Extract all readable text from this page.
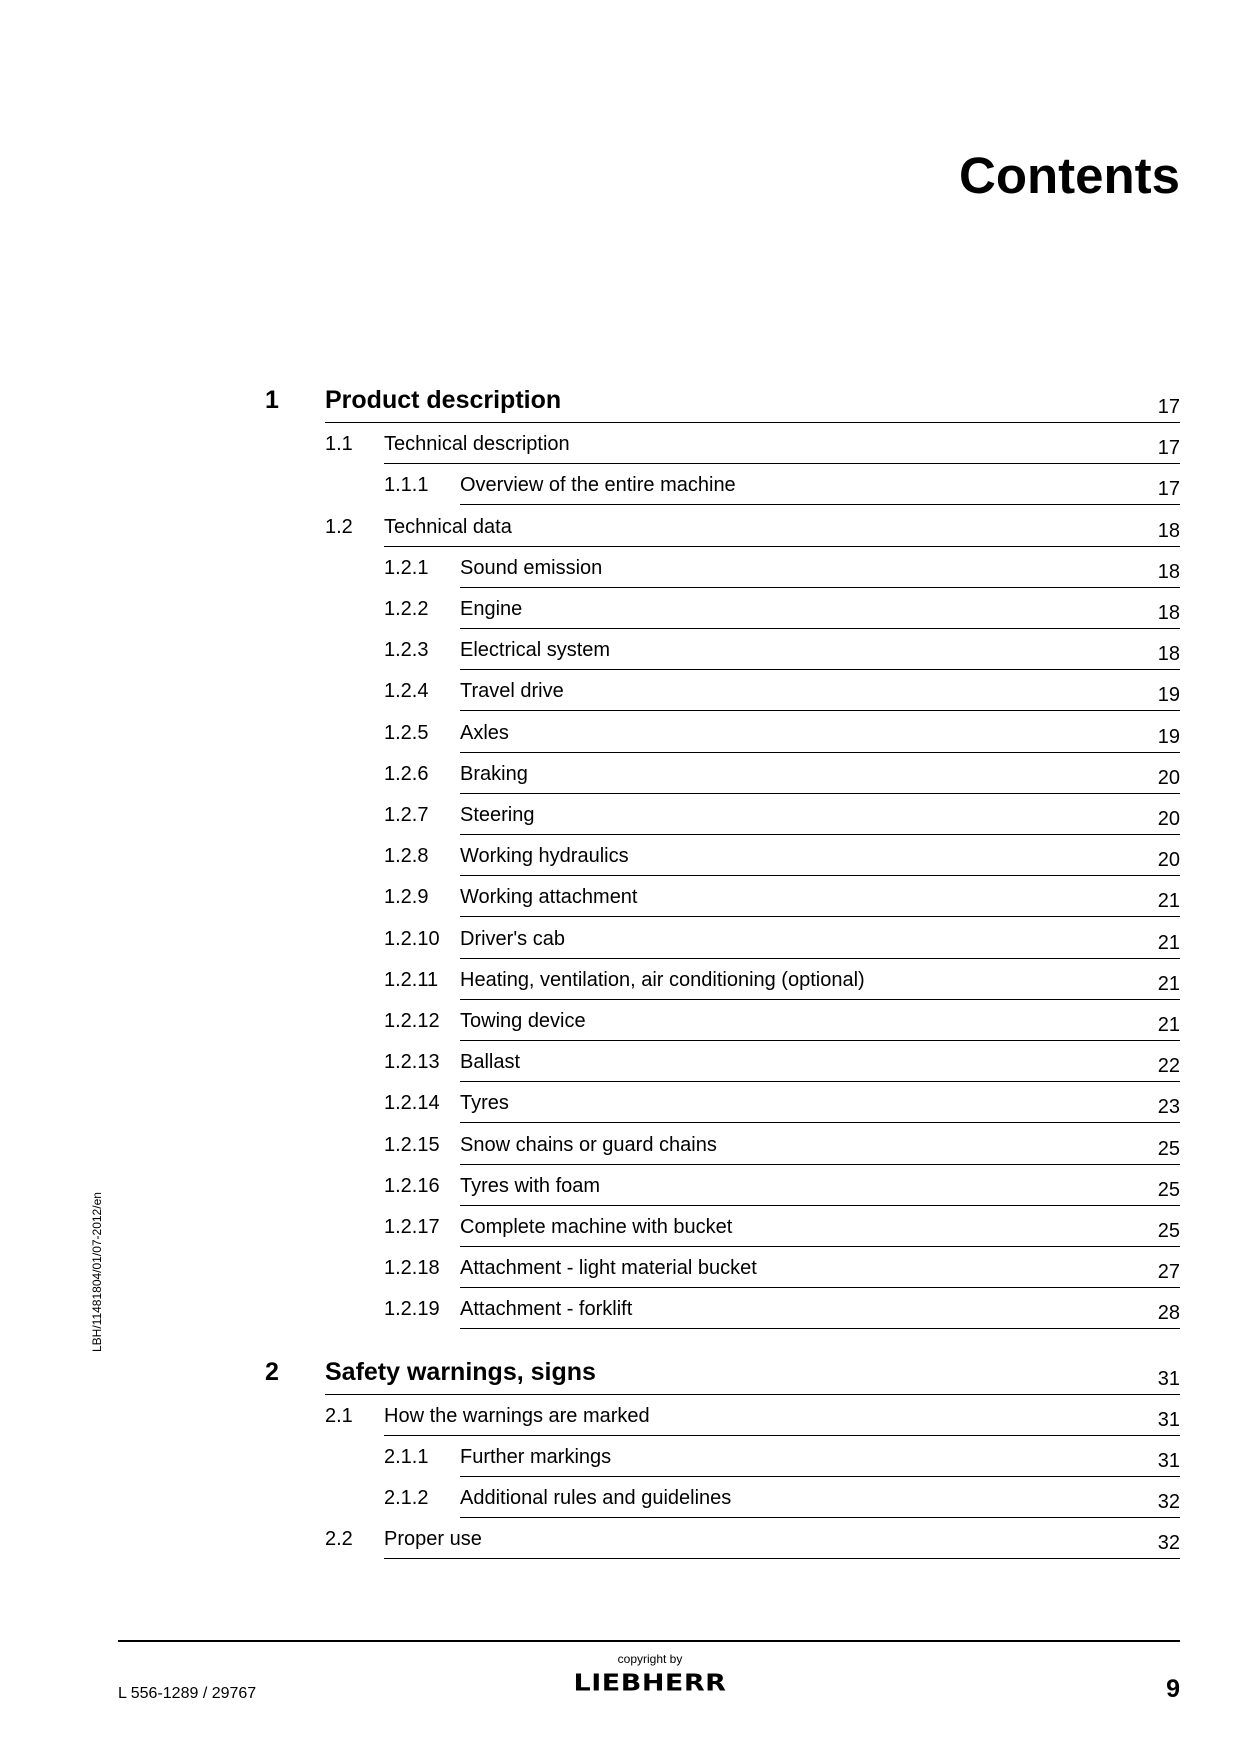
Contents
1 Product description	17
1.1 Technical description	17
1.1.1 Overview of the entire machine	17
1.2 Technical data	18
1.2.1 Sound emission	18
1.2.2 Engine	18
1.2.3 Electrical system	18
1.2.4 Travel drive	19
1.2.5 Axles	19
1.2.6 Braking	20
1.2.7 Steering	20
1.2.8 Working hydraulics	20
1.2.9 Working attachment	21
1.2.10 Driver's cab	21
1.2.11 Heating, ventilation, air conditioning (optional)	21
1.2.12 Towing device	21
1.2.13 Ballast	22
1.2.14 Tyres	23
1.2.15 Snow chains or guard chains	25
1.2.16 Tyres with foam	25
1.2.17 Complete machine with bucket	25
1.2.18 Attachment - light material bucket	27
1.2.19 Attachment - forklift	28
2 Safety warnings, signs	31
2.1 How the warnings are marked	31
2.1.1 Further markings	31
2.1.2 Additional rules and guidelines	32
2.2 Proper use	32
LBH/11481804/01/07-2012/en
L 556-1289 / 29767
copyright by
LIEBHERR	9
